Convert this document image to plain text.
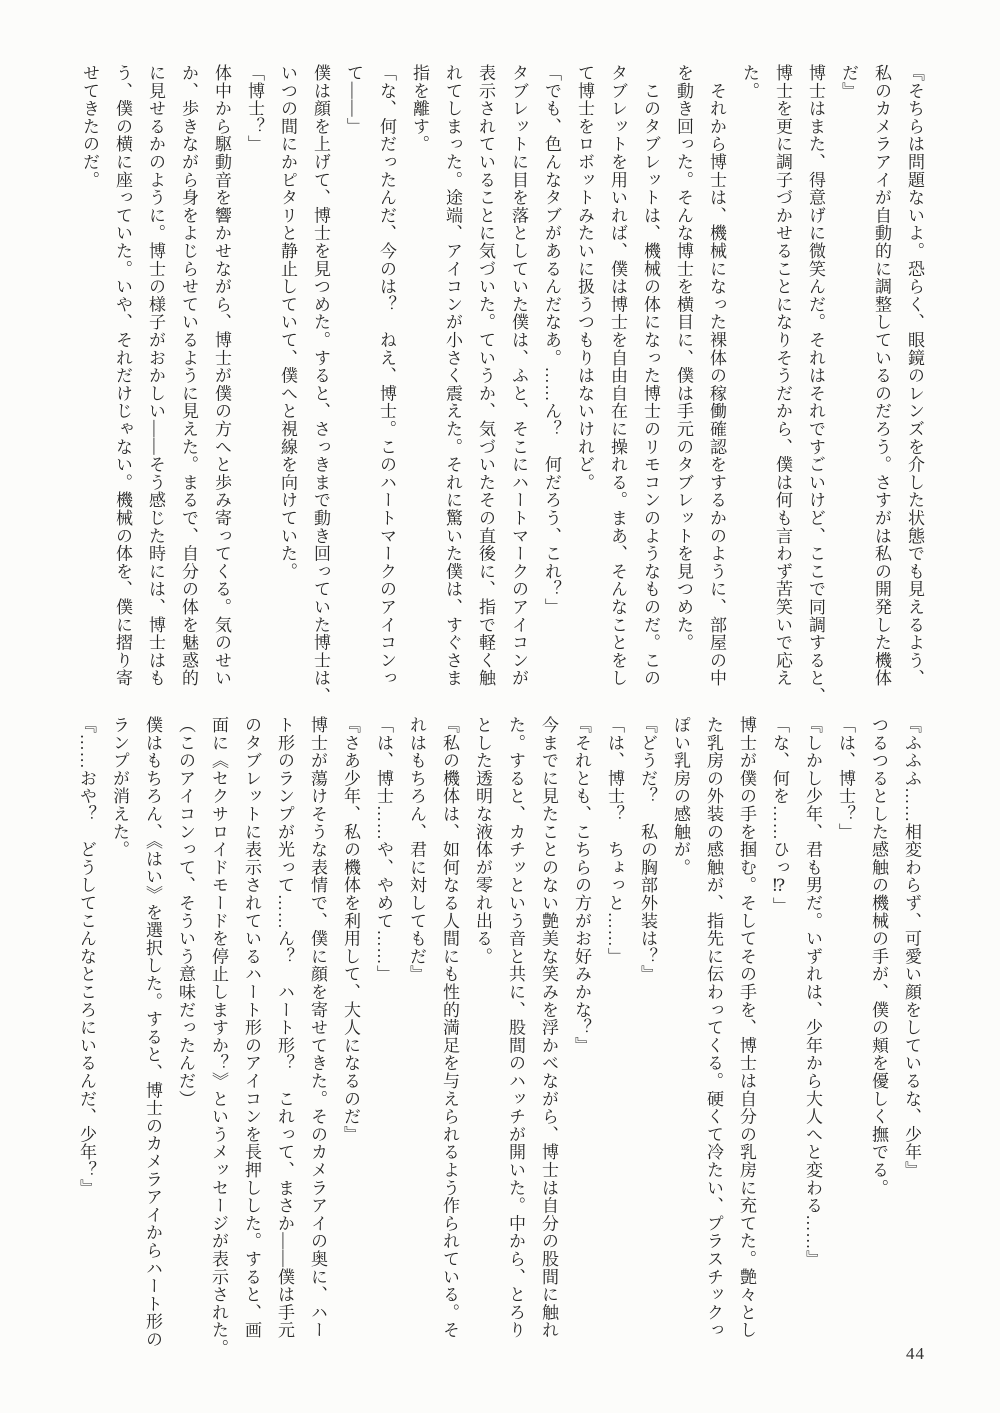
『そちらは問題ないよ。恐らく、眼鏡のレンズを介した状態でも見えるよう、

私のカメラアイが自動的に調整しているのだろう。さすがは私の開発した機体

だ』

博士はまた、得意げに微笑んだ。それはそれですごいけど、ここで同調すると、

博士を更に調子づかせることになりそうだから、僕は何も言わず苦笑いで応え

た。

　それから博士は、機械になった裸体の稼働確認をするかのように、部屋の中

を動き回った。そんな博士を横目に、僕は手元のタブレットを見つめた。

　このタブレットは、機械の体になった博士のリモコンのようなものだ。この

タブレットを用いれば、僕は博士を自由自在に操れる。まあ、そんなことをし

て博士をロボットみたいに扱うつもりはないけれど。

「でも、色んなタブがあるんだなあ。……ん？　何だろう、これ？」

タブレットに目を落としていた僕は、ふと、そこにハートマークのアイコンが

表示されていることに気づいた。ていうか、気づいたその直後に、指で軽く触

れてしまった。途端、アイコンが小さく震えた。それに驚いた僕は、すぐさま

指を離す。

「な、何だったんだ、今のは？　ねえ、博士。このハートマークのアイコンっ

て――」

僕は顔を上げて、博士を見つめた。すると、さっきまで動き回っていた博士は、

いつの間にかピタリと静止していて、僕へと視線を向けていた。

「博士？」

体中から駆動音を響かせながら、博士が僕の方へと歩み寄ってくる。気のせい

か、歩きながら身をよじらせているように見えた。まるで、自分の体を魅惑的

に見せるかのように。博士の様子がおかしい――そう感じた時には、博士はも

う、僕の横に座っていた。いや、それだけじゃない。機械の体を、僕に摺り寄

せてきたのだ。

『ふふふ……相変わらず、可愛い顔をしているな、少年』

つるつるとした感触の機械の手が、僕の頬を優しく撫でる。

「は、博士？」

『しかし少年、君も男だ。いずれは、少年から大人へと変わる……』

「な、何を……ひっ⁉」

博士が僕の手を掴む。そしてその手を、博士は自分の乳房に充てた。艶々とし

た乳房の外装の感触が、指先に伝わってくる。硬くて冷たい、プラスチックっ

ぽい乳房の感触が。

『どうだ？　私の胸部外装は？』

「は、博士？　ちょっと……」

『それとも、こちらの方がお好みかな？』

今までに見たことのない艶美な笑みを浮かべながら、博士は自分の股間に触れ

た。すると、カチッという音と共に、股間のハッチが開いた。中から、とろり

とした透明な液体が零れ出る。

『私の機体は、如何なる人間にも性的満足を与えられるよう作られている。そ

れはもちろん、君に対してもだ』

「は、博士……や、やめて……」

『さあ少年、私の機体を利用して、大人になるのだ』

博士が蕩けそうな表情で、僕に顔を寄せてきた。そのカメラアイの奥に、ハー

ト形のランプが光って……ん？　ハート形？　これって、まさか――僕は手元

のタブレットに表示されているハート形のアイコンを長押しした。すると、画

面に《セクサロイドモードを停止しますか？》というメッセージが表示された。

（このアイコンって、そういう意味だったんだ）

僕はもちろん、《はい》を選択した。すると、博士のカメラアイからハート形の

ランプが消えた。

『……おや？　どうしてこんなところにいるんだ、少年？』

44
